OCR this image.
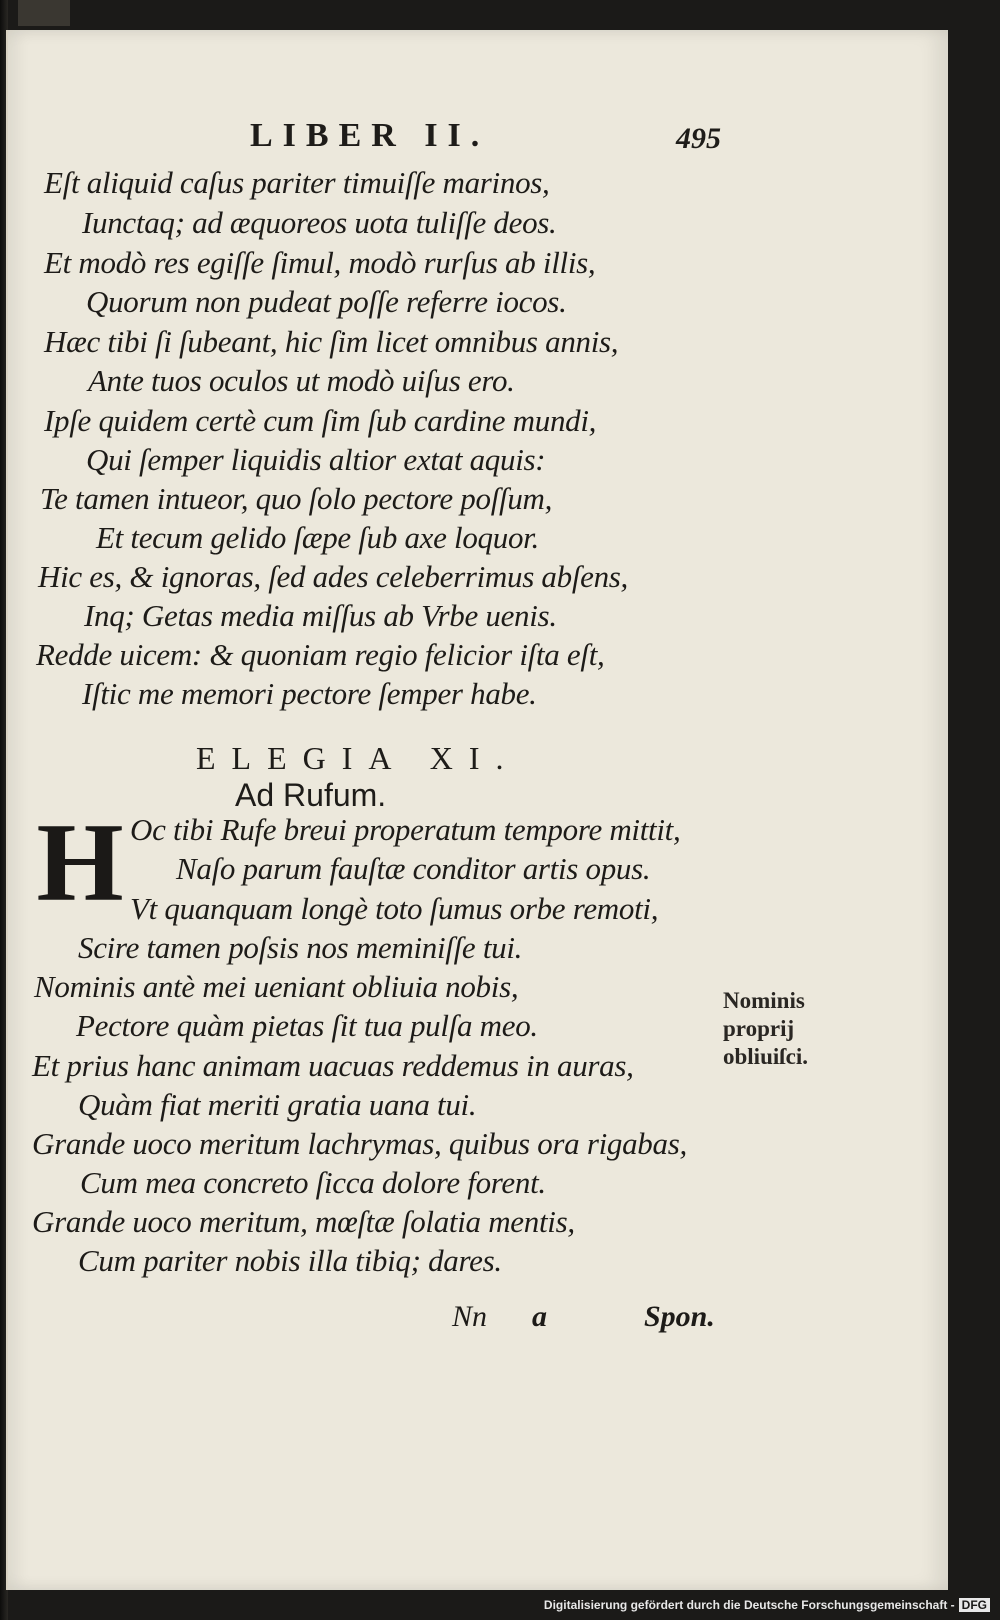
LIBER II.	495
Eſt aliquid caſus pariter timuiſſe marinos,
Iunctaq; ad æquoreos uota tuliſſe deos.
Et modò res egiſſe ſimul, modò rurſus ab illis,
Quorum non pudeat poſſe referre iocos.
Hæc tibi ſi ſubeant, hic ſim licet omnibus annis,
Ante tuos oculos ut modò uiſus ero.
Ipſe quidem certè cum ſim ſub cardine mundi,
Qui ſemper liquidis altior extat aquis:
Te tamen intueor, quo ſolo pectore poſſum,
Et tecum gelido ſæpe ſub axe loquor.
Hic es, & ignoras, ſed ades celeberrimus abſens,
Inq; Getas media miſſus ab Vrbe uenis.
Redde uicem: & quoniam regio felicior iſta eſt,
Iſtic me memori pectore ſemper habe.
ELEGIA XI.
Ad Rufum.
H Oc tibi Rufe breui properatum tempore mittit,
Naſo parum fauſtæ conditor artis opus.
Vt quanquam longè toto ſumus orbe remoti,
Scire tamen poſsis nos meminiſſe tui.
Nominis antè mei ueniant obliuia nobis,
Pectore quàm pietas ſit tua pulſa meo.
Et prius hanc animam uacuas reddemus in auras,
Quàm fiat meriti gratia uana tui.
Grande uoco meritum lachrymas, quibus ora rigabas,
Cum mea concreto ſicca dolore forent.
Grande uoco meritum, mœſtæ ſolatia mentis,
Cum pariter nobis illa tibiq; dares.
Nominis
proprij
obliuiſci.
Nn a	Spon.
Digitalisierung gefördert durch die Deutsche Forschungsgemeinschaft - DFG
